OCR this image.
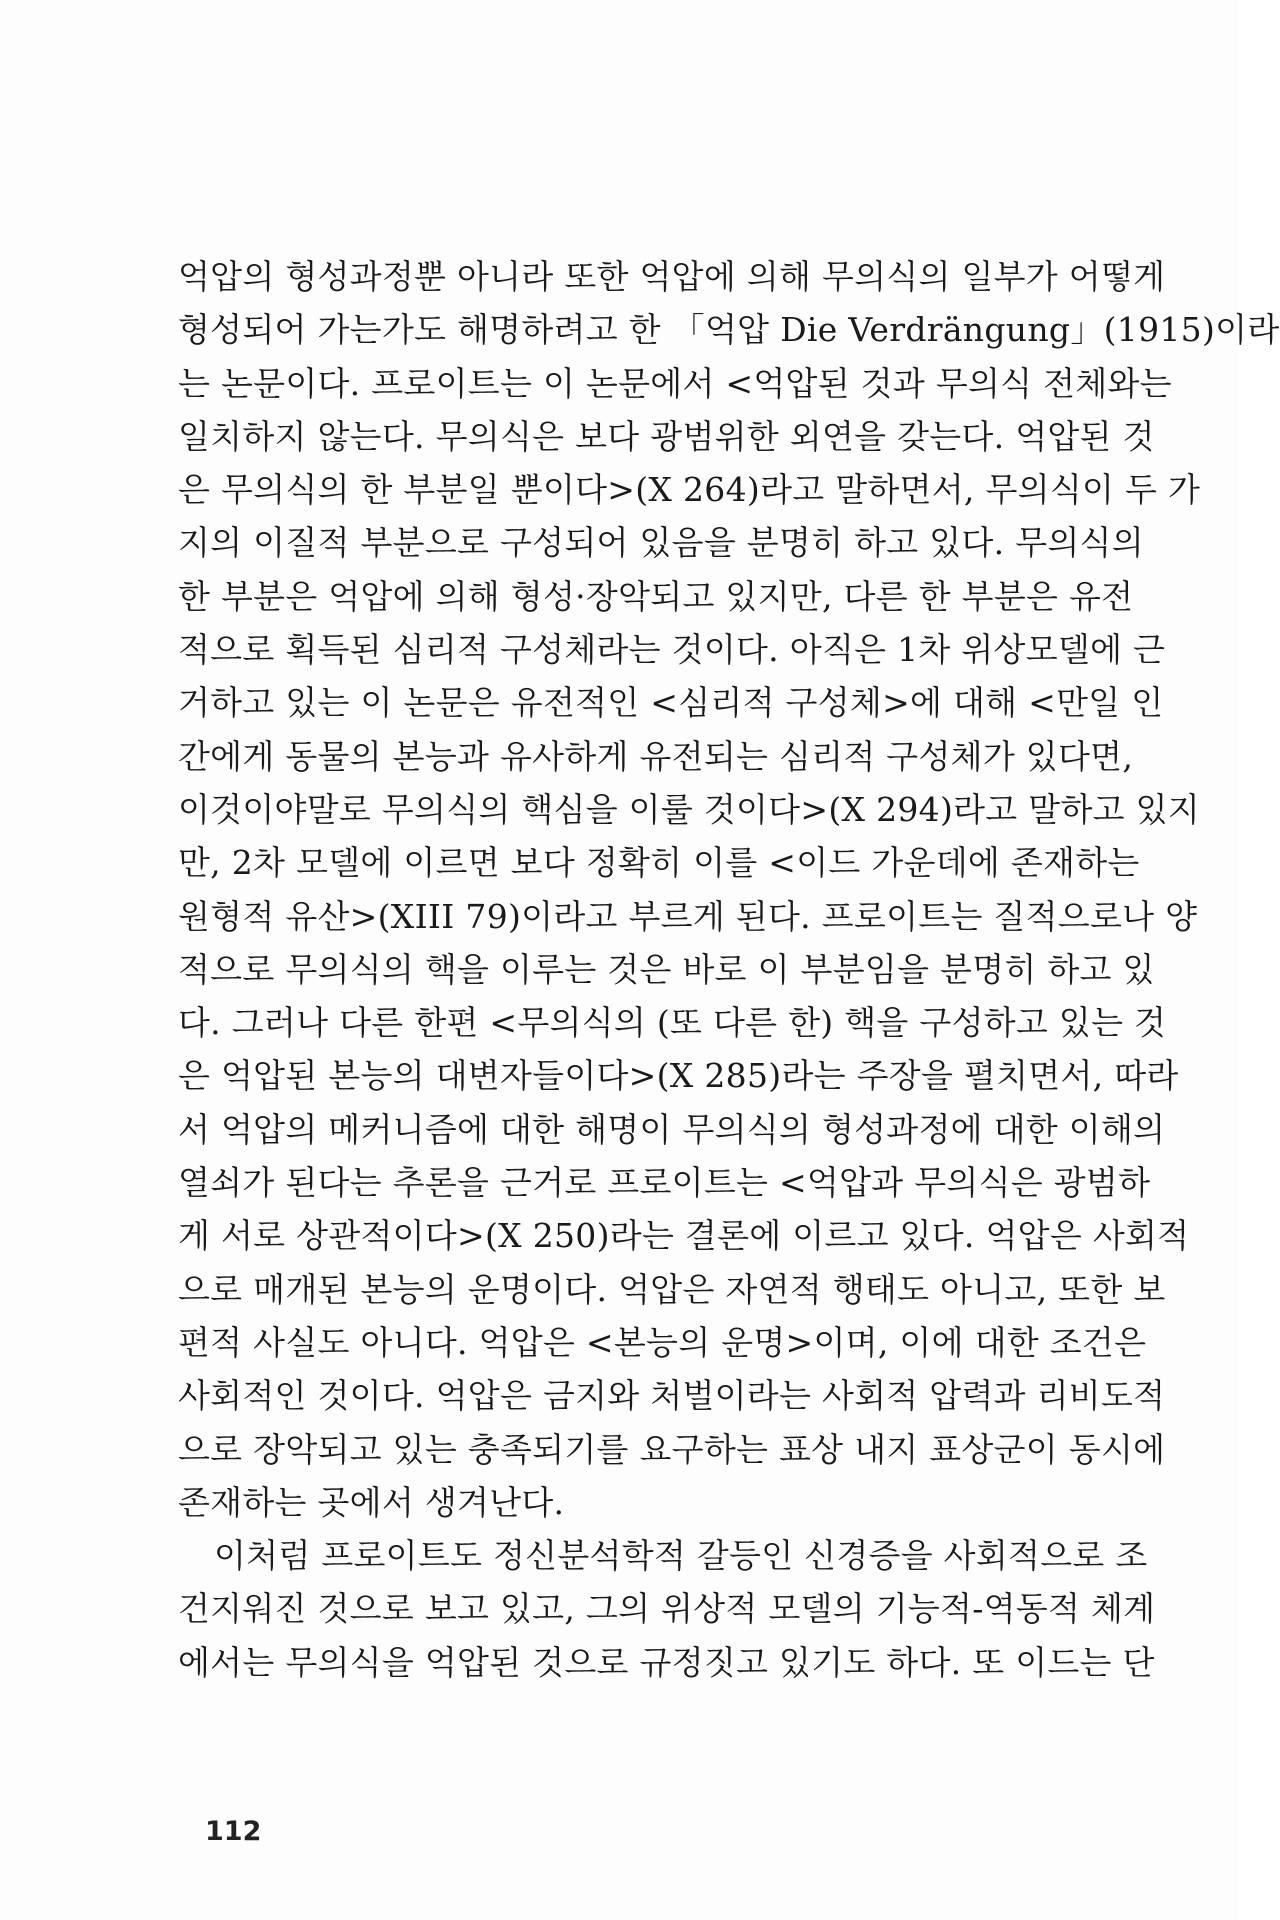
억압의 형성과정뿐 아니라 또한 억압에 의해 무의식의 일부가 어떻게
형성되어 가는가도 해명하려고 한 「억압 Die Verdrängung」(1915)이라
는 논문이다. 프로이트는 이 논문에서 <억압된 것과 무의식 전체와는
일치하지 않는다. 무의식은 보다 광범위한 외연을 갖는다. 억압된 것
은 무의식의 한 부분일 뿐이다>(X 264)라고 말하면서, 무의식이 두 가
지의 이질적 부분으로 구성되어 있음을 분명히 하고 있다. 무의식의
한 부분은 억압에 의해 형성·장악되고 있지만, 다른 한 부분은 유전
적으로 획득된 심리적 구성체라는 것이다. 아직은 1차 위상모델에 근
거하고 있는 이 논문은 유전적인 <심리적 구성체>에 대해 <만일 인
간에게 동물의 본능과 유사하게 유전되는 심리적 구성체가 있다면,
이것이야말로 무의식의 핵심을 이룰 것이다>(X 294)라고 말하고 있지
만, 2차 모델에 이르면 보다 정확히 이를 <이드 가운데에 존재하는
원형적 유산>(XIII 79)이라고 부르게 된다. 프로이트는 질적으로나 양
적으로 무의식의 핵을 이루는 것은 바로 이 부분임을 분명히 하고 있
다. 그러나 다른 한편 <무의식의 (또 다른 한) 핵을 구성하고 있는 것
은 억압된 본능의 대변자들이다>(X 285)라는 주장을 펼치면서, 따라
서 억압의 메커니즘에 대한 해명이 무의식의 형성과정에 대한 이해의
열쇠가 된다는 추론을 근거로 프로이트는 <억압과 무의식은 광범하
게 서로 상관적이다>(X 250)라는 결론에 이르고 있다. 억압은 사회적
으로 매개된 본능의 운명이다. 억압은 자연적 행태도 아니고, 또한 보
편적 사실도 아니다. 억압은 <본능의 운명>이며, 이에 대한 조건은
사회적인 것이다. 억압은 금지와 처벌이라는 사회적 압력과 리비도적
으로 장악되고 있는 충족되기를 요구하는 표상 내지 표상군이 동시에
존재하는 곳에서 생겨난다.
이처럼 프로이트도 정신분석학적 갈등인 신경증을 사회적으로 조
건지워진 것으로 보고 있고, 그의 위상적 모델의 기능적-역동적 체계
에서는 무의식을 억압된 것으로 규정짓고 있기도 하다. 또 이드는 단
112
